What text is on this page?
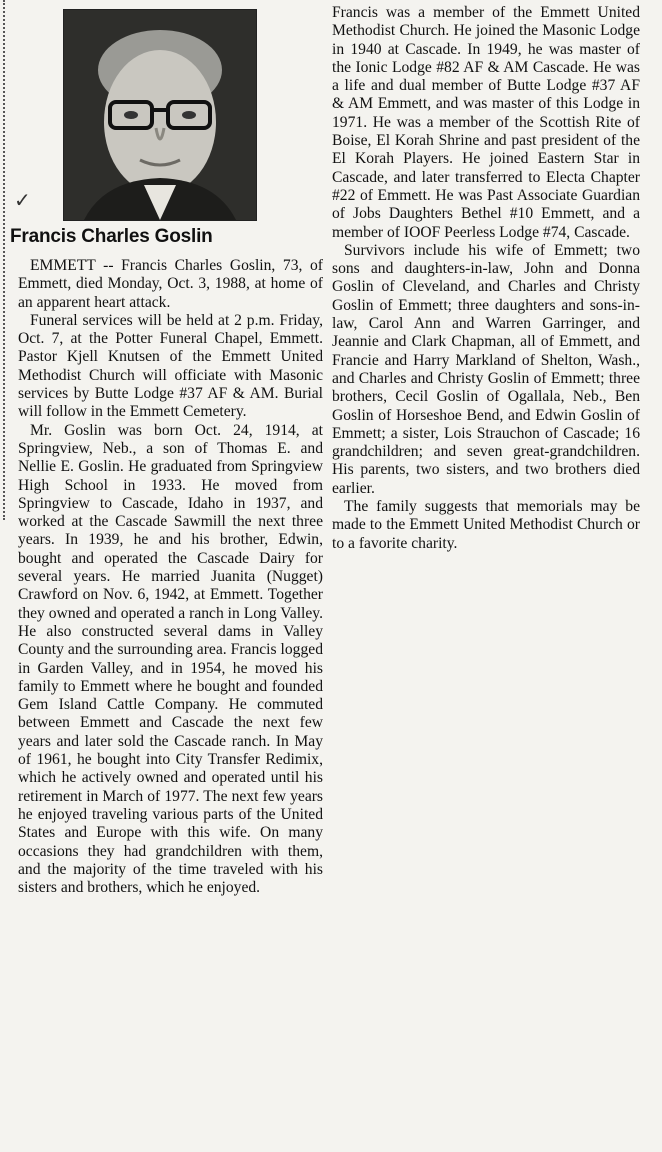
✓
Francis Charles Goslin

EMMETT -- Francis Charles Goslin, 73, of Emmett, died Monday, Oct. 3, 1988, at home of an apparent heart attack.

Funeral services will be held at 2 p.m. Friday, Oct. 7, at the Potter Funeral Chapel, Emmett. Pastor Kjell Knutsen of the Emmett United Methodist Church will officiate with Masonic services by Butte Lodge #37 AF & AM. Burial will follow in the Emmett Cemetery.

Mr. Goslin was born Oct. 24, 1914, at Springview, Neb., a son of Thomas E. and Nellie E. Goslin. He graduated from Springview High School in 1933. He moved from Springview to Cascade, Idaho in 1937, and worked at the Cascade Sawmill the next three years. In 1939, he and his brother, Edwin, bought and operated the Cascade Dairy for several years. He married Juanita (Nugget) Crawford on Nov. 6, 1942, at Emmett. Together they owned and operated a ranch in Long Valley. He also constructed several dams in Valley County and the surrounding area. Francis logged in Garden Valley, and in 1954, he moved his family to Emmett where he bought and founded Gem Island Cattle Company. He commuted between Emmett and Cascade the next few years and later sold the Cascade ranch. In May of 1961, he bought into City Transfer Redimix, which he actively owned and operated until his retirement in March of 1977. The next few years he enjoyed traveling various parts of the United States and Europe with this wife. On many occasions they had grandchildren with them, and the majority of the time traveled with his sisters and brothers, which he enjoyed.

Francis was a member of the Emmett United Methodist Church. He joined the Masonic Lodge in 1940 at Cascade. In 1949, he was master of the Ionic Lodge #82 AF & AM Cascade. He was a life and dual member of Butte Lodge #37 AF & AM Emmett, and was master of this Lodge in 1971. He was a member of the Scottish Rite of Boise, El Korah Shrine and past president of the El Korah Players. He joined Eastern Star in Cascade, and later transferred to Electa Chapter #22 of Emmett. He was Past Associate Guardian of Jobs Daughters Bethel #10 Emmett, and a member of IOOF Peerless Lodge #74, Cascade.

Survivors include his wife of Emmett; two sons and daughters-in-law, John and Donna Goslin of Cleveland, and Charles and Christy Goslin of Emmett; three daughters and sons-in-law, Carol Ann and Warren Garringer, and Jeannie and Clark Chapman, all of Emmett, and Francie and Harry Markland of Shelton, Wash., and Charles and Christy Goslin of Emmett; three brothers, Cecil Goslin of Ogallala, Neb., Ben Goslin of Horseshoe Bend, and Edwin Goslin of Emmett; a sister, Lois Strauchon of Cascade; 16 grandchildren; and seven great-grandchildren. His parents, two sisters, and two brothers died earlier.

The family suggests that memorials may be made to the Emmett United Methodist Church or to a favorite charity.
